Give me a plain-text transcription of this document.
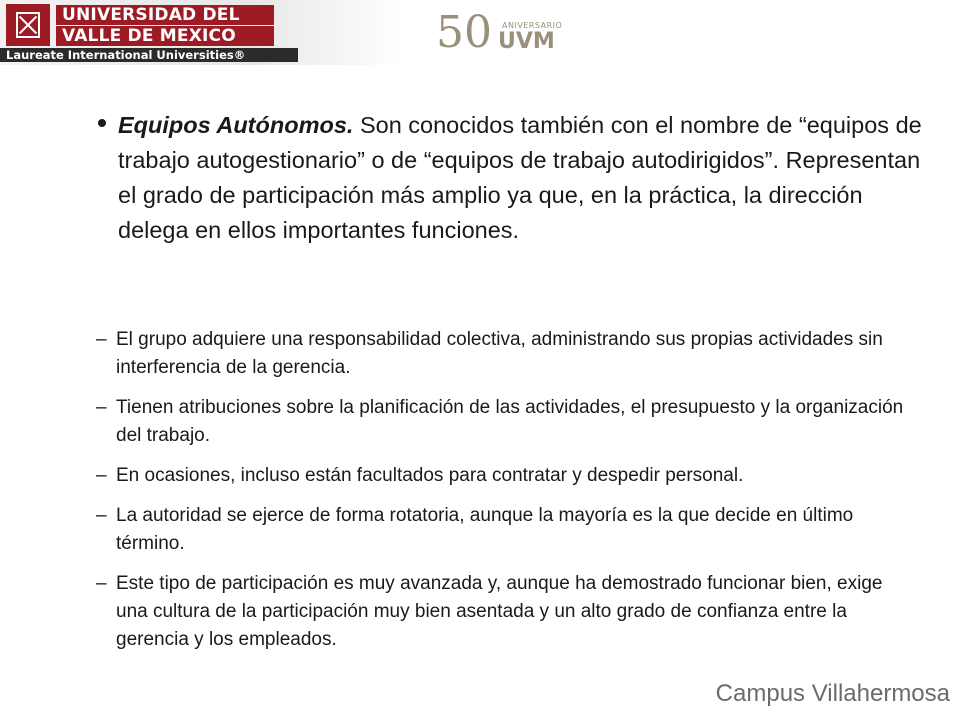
UNIVERSIDAD DEL
VALLE DE MEXICO
Laureate International Universities®	50 ANIVERSARIO
UVM

Equipos Autónomos. Son conocidos también con el nombre de “equipos de trabajo autogestionario” o de “equipos de trabajo autodirigidos”. Representan el grado de participación más amplio ya que, en la práctica, la dirección delega en ellos importantes funciones.

– El grupo adquiere una responsabilidad colectiva, administrando sus propias actividades sin interferencia de la gerencia.
– Tienen atribuciones sobre la planificación de las actividades, el presupuesto y la organización del trabajo.
– En ocasiones, incluso están facultados para contratar y despedir personal.
– La autoridad se ejerce de forma rotatoria, aunque la mayoría es la que decide en último término.
– Este tipo de participación es muy avanzada y, aunque ha demostrado funcionar bien, exige una cultura de la participación muy bien asentada y un alto grado de confianza entre la gerencia y los empleados.
Campus Villahermosa
